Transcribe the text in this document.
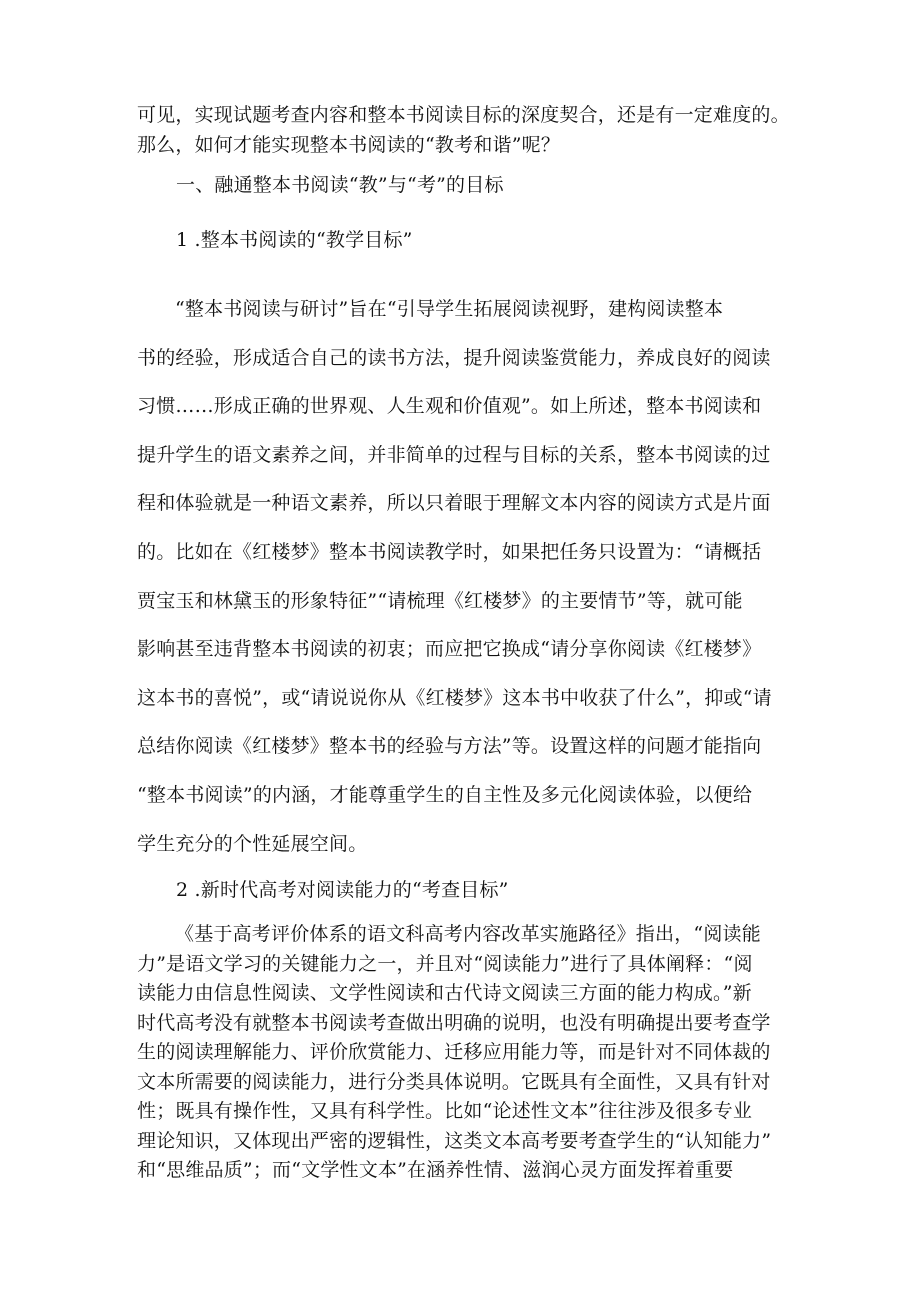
可见，实现试题考查内容和整本书阅读目标的深度契合，还是有一定难度的。
那么，如何才能实现整本书阅读的“教考和谐”呢？
一、融通整本书阅读“教”与“考”的目标
1 .整本书阅读的“教学目标”
“整本书阅读与研讨”旨在“引导学生拓展阅读视野，建构阅读整本
书的经验，形成适合自己的读书方法，提升阅读鉴赏能力，养成良好的阅读
习惯……形成正确的世界观、人生观和价值观”。如上所述，整本书阅读和
提升学生的语文素养之间，并非简单的过程与目标的关系，整本书阅读的过
程和体验就是一种语文素养，所以只着眼于理解文本内容的阅读方式是片面
的。比如在《红楼梦》整本书阅读教学时，如果把任务只设置为：“请概括
贾宝玉和林黛玉的形象特征”“请梳理《红楼梦》的主要情节”等，就可能
影响甚至违背整本书阅读的初衷；而应把它换成“请分享你阅读《红楼梦》
这本书的喜悦”，或“请说说你从《红楼梦》这本书中收获了什么”，抑或“请
总结你阅读《红楼梦》整本书的经验与方法”等。设置这样的问题才能指向
“整本书阅读”的内涵，才能尊重学生的自主性及多元化阅读体验，以便给
学生充分的个性延展空间。
2 .新时代高考对阅读能力的“考查目标”
《基于高考评价体系的语文科高考内容改革实施路径》指出，“阅读能
力”是语文学习的关键能力之一，并且对“阅读能力”进行了具体阐释：“阅
读能力由信息性阅读、文学性阅读和古代诗文阅读三方面的能力构成。”新
时代高考没有就整本书阅读考查做出明确的说明，也没有明确提出要考查学
生的阅读理解能力、评价欣赏能力、迁移应用能力等，而是针对不同体裁的
文本所需要的阅读能力，进行分类具体说明。它既具有全面性，又具有针对
性；既具有操作性，又具有科学性。比如“论述性文本”往往涉及很多专业
理论知识，又体现出严密的逻辑性，这类文本高考要考查学生的“认知能力”
和“思维品质”；而“文学性文本”在涵养性情、滋润心灵方面发挥着重要
